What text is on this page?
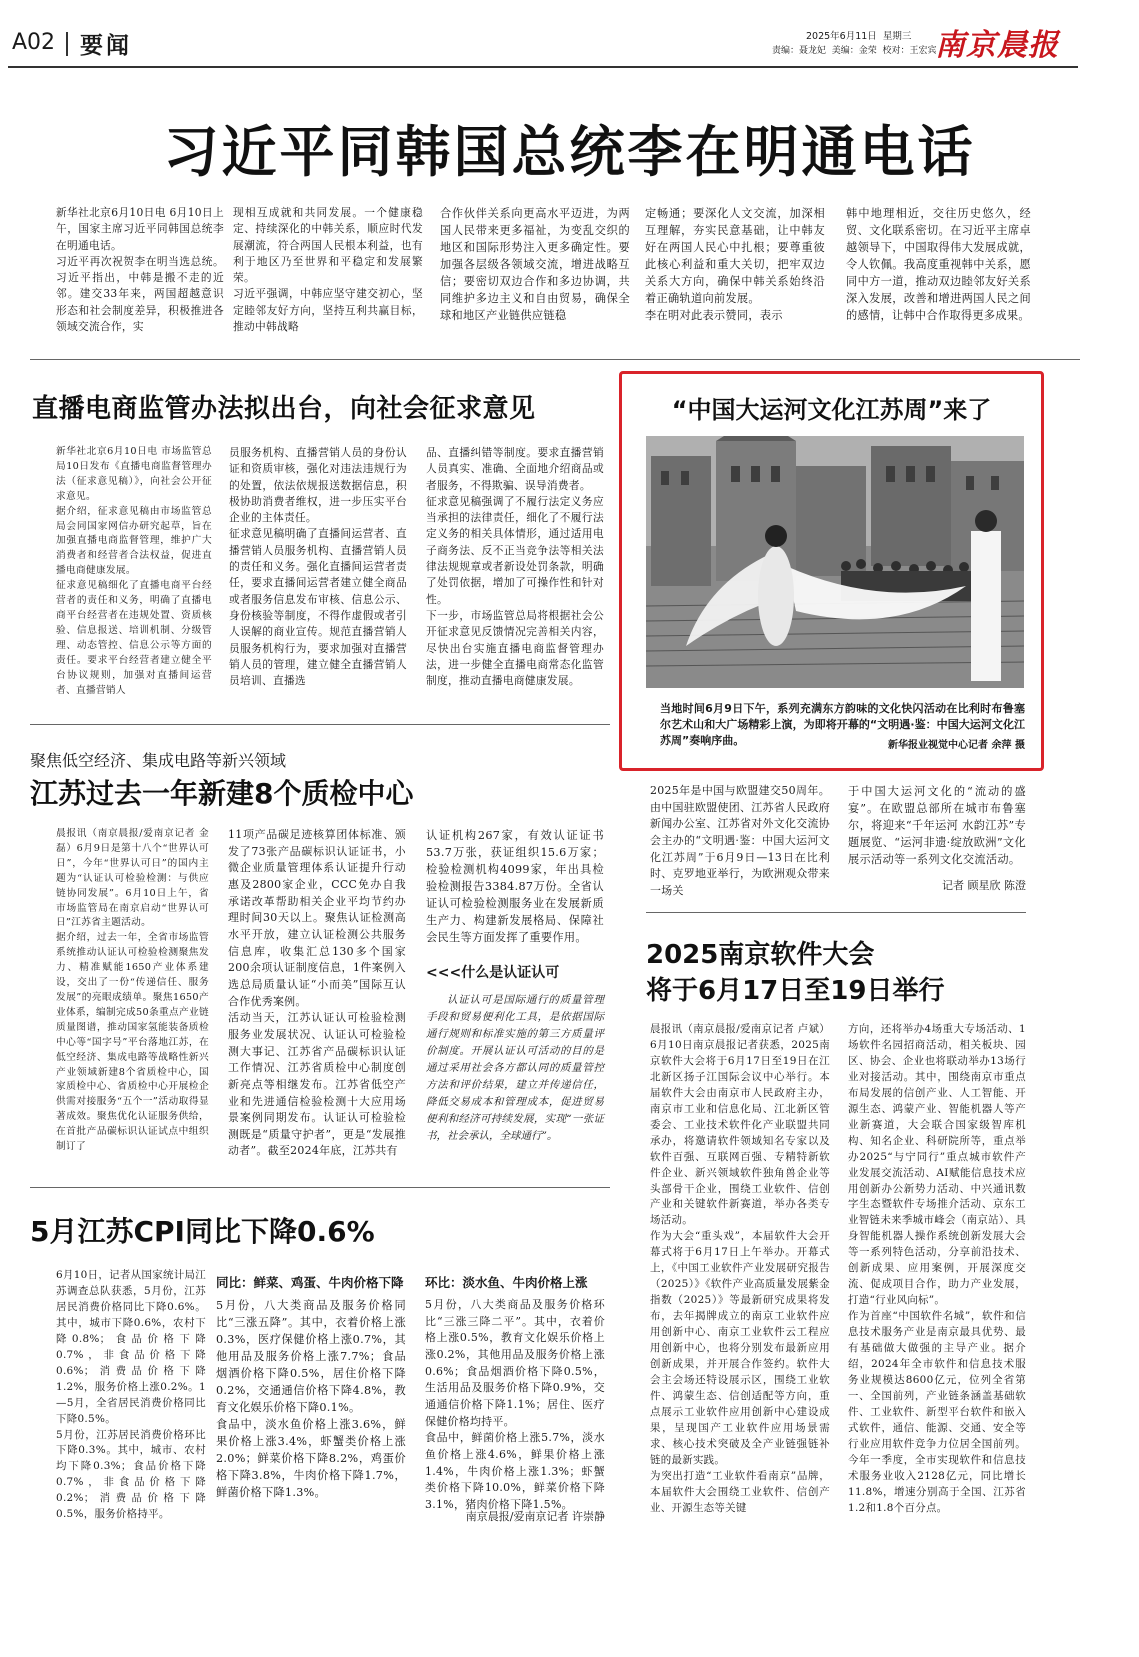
A02 要闻	2025年6月11日 星期三
责编：聂龙妃 美编：金荣 校对：王宏宾
南京晨报
习近平同韩国总统李在明通电话
新华社北京6月10日电 6月10日上午，国家主席习近平同韩国总统李在明通电话。
习近平再次祝贺李在明当选总统。习近平指出，中韩是搬不走的近邻。建交33年来，两国超越意识形态和社会制度差异，积极推进各领域交流合作，实
现相互成就和共同发展。一个健康稳定、持续深化的中韩关系，顺应时代发展潮流，符合两国人民根本利益，也有利于地区乃至世界和平稳定和发展繁荣。
习近平强调，中韩应坚守建交初心，坚定睦邻友好方向，坚持互利共赢目标，推动中韩战略
合作伙伴关系向更高水平迈进，为两国人民带来更多福祉，为变乱交织的地区和国际形势注入更多确定性。要加强各层级各领域交流，增进战略互信；要密切双边合作和多边协调，共同维护多边主义和自由贸易，确保全球和地区产业链供应链稳
定畅通；要深化人文交流，加深相互理解，夯实民意基础，让中韩友好在两国人民心中扎根；要尊重彼此核心利益和重大关切，把牢双边关系大方向，确保中韩关系始终沿着正确轨道向前发展。
李在明对此表示赞同，表示
韩中地理相近，交往历史悠久，经贸、文化联系密切。在习近平主席卓越领导下，中国取得伟大发展成就，令人钦佩。我高度重视韩中关系，愿同中方一道，推动双边睦邻友好关系深入发展，改善和增进两国人民之间的感情，让韩中合作取得更多成果。
直播电商监管办法拟出台，向社会征求意见
新华社北京6月10日电 市场监管总局10日发布《直播电商监督管理办法（征求意见稿）》，向社会公开征求意见。
据介绍，征求意见稿由市场监管总局会同国家网信办研究起草，旨在加强直播电商监督管理，维护广大消费者和经营者合法权益，促进直播电商健康发展。
征求意见稿细化了直播电商平台经营者的责任和义务，明确了直播电商平台经营者在违规处置、资质核验、信息报送、培训机制、分级管理、动态管控、信息公示等方面的责任。要求平台经营者建立健全平台协议规则，加强对直播间运营者、直播营销人
员服务机构、直播营销人员的身份认证和资质审核，强化对违法违规行为的处置，依法依规报送数据信息，积极协助消费者维权，进一步压实平台企业的主体责任。
征求意见稿明确了直播间运营者、直播营销人员服务机构、直播营销人员的责任和义务。强化直播间运营者责任，要求直播间运营者建立健全商品或者服务信息发布审核、信息公示、身份核验等制度，不得作虚假或者引人误解的商业宣传。规范直播营销人员服务机构行为，要求加强对直播营销人员的管理，建立健全直播营销人员培训、直播选
品、直播纠错等制度。要求直播营销人员真实、准确、全面地介绍商品或者服务，不得欺骗、误导消费者。
征求意见稿强调了不履行法定义务应当承担的法律责任，细化了不履行法定义务的相关具体情形，通过适用电子商务法、反不正当竞争法等相关法律法规规章或者新设处罚条款，明确了处罚依据，增加了可操作性和针对性。
下一步，市场监管总局将根据社会公开征求意见反馈情况完善相关内容，尽快出台实施直播电商监督管理办法，进一步健全直播电商常态化监管制度，推动直播电商健康发展。
“中国大运河文化江苏周”来了
当地时间6月9日下午，系列充满东方韵味的文化快闪活动在比利时布鲁塞尔艺术山和大广场精彩上演，为即将开幕的“文明遇·鉴：中国大运河文化江苏周”奏响序曲。	新华报业视觉中心记者 余萍 摄
2025年是中国与欧盟建交50周年。由中国驻欧盟使团、江苏省人民政府新闻办公室、江苏省对外文化交流协会主办的“文明遇·鉴：中国大运河文化江苏周”于6月9日—13日在比利时、克罗地亚举行，为欧洲观众带来一场关
于中国大运河文化的“流动的盛宴”。在欧盟总部所在城市布鲁塞尔，将迎来“千年运河 水韵江苏”专题展览、“运河非遗·绽放欧洲”文化展示活动等一系列文化交流活动。
记者 顾星欣 陈澄
聚焦低空经济、集成电路等新兴领域
江苏过去一年新建8个质检中心
晨报讯（南京晨报/爱南京记者 金磊）6月9日是第十八个“世界认可日”，今年“世界认可日”的国内主题为“认证认可检验检测：与供应链协同发展”。6月10日上午，省市场监管局在南京启动“世界认可日”江苏省主题活动。
据介绍，过去一年，全省市场监管系统推动认证认可检验检测聚焦发力、精准赋能1650产业体系建设，交出了一份“传递信任、服务发展”的亮眼成绩单。聚焦1650产业体系，编制完成50条重点产业链质量图谱，推动国家氢能装备质检中心等“国字号”平台落地江苏，在低空经济、集成电路等战略性新兴产业领域新建8个省质检中心，国家质检中心、省质检中心开展检企供需对接服务“五个一”活动取得显著成效。聚焦优化认证服务供给，在首批产品碳标识认证试点中组织制订了
11项产品碳足迹核算团体标准、颁发了73张产品碳标识认证证书，小微企业质量管理体系认证提升行动惠及2800家企业，CCC免办自我承诺改革帮助相关企业平均节约办理时间30天以上。聚焦认证检测高水平开放，建立认证检测公共服务信息库，收集汇总130多个国家200余项认证制度信息，1件案例入选总局质量认证“小而美”国际互认合作优秀案例。
活动当天，江苏认证认可检验检测服务业发展状况、认证认可检验检测大事记、江苏省产品碳标识认证工作情况、江苏省质检中心制度创新亮点等相继发布。江苏省低空产业和先进通信检验检测十大应用场景案例同期发布。认证认可检验检测既是“质量守护者”，更是“发展推动者”。截至2024年底，江苏共有
认证机构267家，有效认证证书53.7万张，获证组织15.6万家；检验检测机构4099家，年出具检验检测报告3384.87万份。全省认证认可检验检测服务业在发展新质生产力、构建新发展格局、保障社会民生等方面发挥了重要作用。
<<<什么是认证认可
认证认可是国际通行的质量管理手段和贸易便利化工具，是依据国际通行规则和标准实施的第三方质量评价制度。开展认证认可活动的目的是通过采用社会各方都认同的质量管控方法和评价结果，建立并传递信任，降低交易成本和管理成本，促进贸易便利和经济可持续发展，实现“一张证书，社会承认，全球通行”。
2025南京软件大会
将于6月17日至19日举行
晨报讯（南京晨报/爱南京记者 卢斌）6月10日南京晨报记者获悉，2025南京软件大会将于6月17日至19日在江北新区扬子江国际会议中心举行。本届软件大会由南京市人民政府主办，南京市工业和信息化局、江北新区管委会、工业技术软件化产业联盟共同承办，将邀请软件领域知名专家以及软件百强、互联网百强、专精特新软件企业、新兴领域软件独角兽企业等头部骨干企业，围绕工业软件、信创产业和关键软件新赛道，举办各类专场活动。
作为大会“重头戏”，本届软件大会开幕式将于6月17日上午举办。开幕式上，《中国工业软件产业发展研究报告（2025）》《软件产业高质量发展紫金指数（2025）》等最新研究成果将发布，去年揭牌成立的南京工业软件应用创新中心、南京工业软件云工程应用创新中心，也将分别发布最新应用创新成果，并开展合作签约。软件大会主会场还特设展示区，围绕工业软件、鸿蒙生态、信创适配等方向，重点展示工业软件应用创新中心建设成果，呈现国产工业软件应用场景需求、核心技术突破及全产业链强链补链的最新实践。
为突出打造“工业软件看南京”品牌，本届软件大会围绕工业软件、信创产业、开源生态等关键
方向，还将举办4场重大专场活动、1场软件名园招商活动，相关板块、园区、协会、企业也将联动举办13场行业对接活动。其中，围绕南京市重点布局发展的信创产业、人工智能、开源生态、鸿蒙产业、智能机器人等产业新赛道，大会联合国家级智库机构、知名企业、科研院所等，重点举办2025“与宁同行”重点城市软件产业发展交流活动、AI赋能信息技术应用创新办公新势力活动、中兴通讯数字生态暨软件专场推介活动、京东工业智链未来季城市峰会（南京站）、具身智能机器人操作系统创新发展大会等一系列特色活动，分享前沿技术、创新成果、应用案例，开展深度交流、促成项目合作，助力产业发展，打造“行业风向标”。
作为首座“中国软件名城”，软件和信息技术服务产业是南京最具优势、最有基础做大做强的主导产业。据介绍，2024年全市软件和信息技术服务业规模达8600亿元，位列全省第一、全国前列，产业链条涵盖基础软件、工业软件、新型平台软件和嵌入式软件，通信、能源、交通、安全等行业应用软件竞争力位居全国前列。今年一季度，全市实现软件和信息技术服务业收入2128亿元，同比增长11.8%，增速分别高于全国、江苏省1.2和1.8个百分点。
5月江苏CPI同比下降0.6%
6月10日，记者从国家统计局江苏调查总队获悉，5月份，江苏居民消费价格同比下降0.6%。其中，城市下降0.6%，农村下降0.8%；食品价格下降0.7%，非食品价格下降0.6%；消费品价格下降1.2%，服务价格上涨0.2%。1—5月，全省居民消费价格同比下降0.5%。
5月份，江苏居民消费价格环比下降0.3%。其中，城市、农村均下降0.3%；食品价格下降0.7%，非食品价格下降0.2%；消费品价格下降0.5%，服务价格持平。
同比：鲜菜、鸡蛋、牛肉价格下降
5月份，八大类商品及服务价格同比“三涨五降”。其中，衣着价格上涨0.3%，医疗保健价格上涨0.7%，其他用品及服务价格上涨7.7%；食品烟酒价格下降0.5%，居住价格下降0.2%，交通通信价格下降4.8%，教育文化娱乐价格下降0.1%。
食品中，淡水鱼价格上涨3.6%，鲜果价格上涨3.4%，虾蟹类价格上涨2.0%；鲜菜价格下降8.2%，鸡蛋价格下降3.8%，牛肉价格下降1.7%，鲜菌价格下降1.3%。
环比：淡水鱼、牛肉价格上涨
5月份，八大类商品及服务价格环比“三涨三降二平”。其中，衣着价格上涨0.5%，教育文化娱乐价格上涨0.2%，其他用品及服务价格上涨0.6%；食品烟酒价格下降0.5%，生活用品及服务价格下降0.9%，交通通信价格下降1.1%；居住、医疗保健价格均持平。
食品中，鲜菌价格上涨5.7%，淡水鱼价格上涨4.6%，鲜果价格上涨1.4%，牛肉价格上涨1.3%；虾蟹类价格下降10.0%，鲜菜价格下降3.1%，猪肉价格下降1.5%。
南京晨报/爱南京记者 许崇静
